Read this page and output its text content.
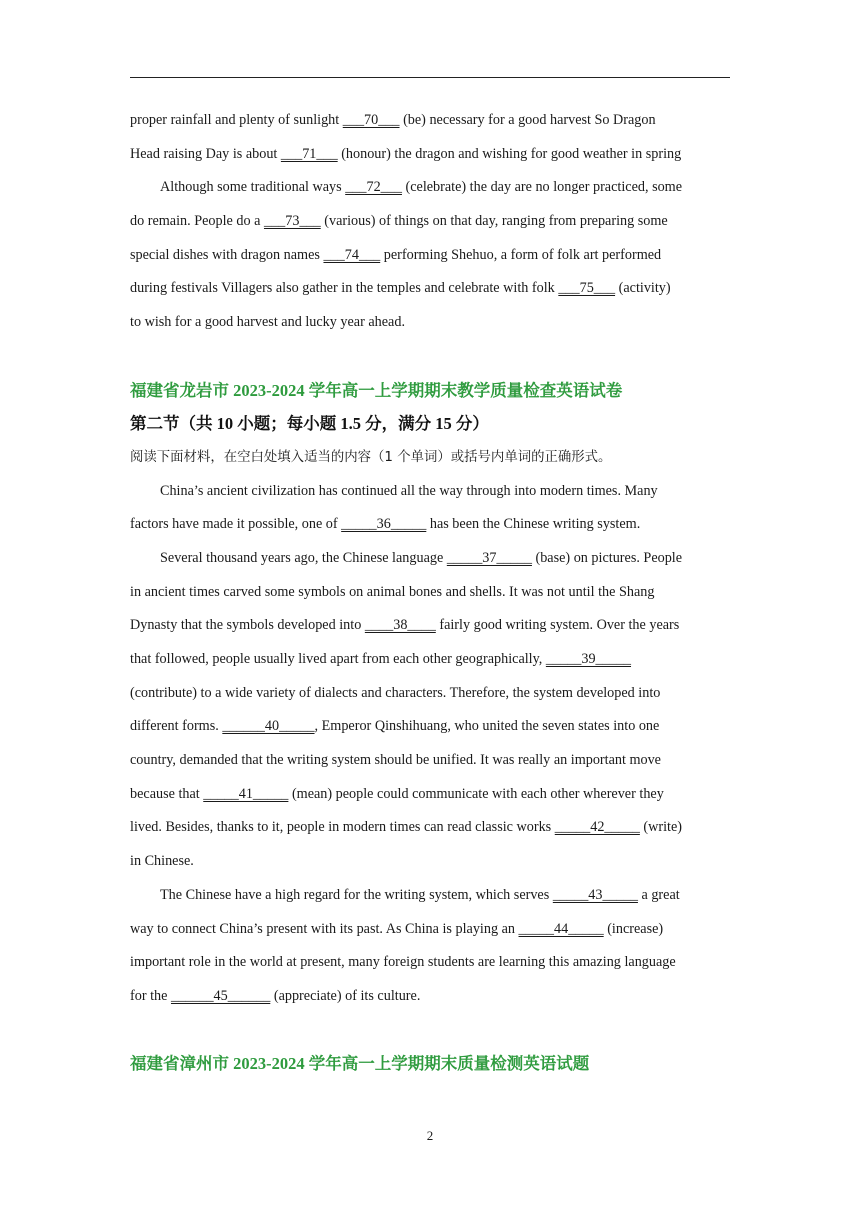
proper rainfall and plenty of sunlight ___70___ (be) necessary for a good harvest So Dragon
Head raising Day is about ___71___ (honour) the dragon and wishing for good weather in spring
Although some traditional ways ___72___ (celebrate) the day are no longer practiced, some
do remain. People do a ___73___ (various) of things on that day, ranging from preparing some
special dishes with dragon names ___74___ performing Shehuo, a form of folk art performed
during festivals Villagers also gather in the temples and celebrate with folk ___75___ (activity)
to wish for a good harvest and lucky year ahead.
福建省龙岩市 2023-2024 学年高一上学期期末教学质量检查英语试卷
第二节（共 10 小题；每小题 1.5 分，满分 15 分）
阅读下面材料，在空白处填入适当的内容（1 个单词）或括号内单词的正确形式。
China’s ancient civilization has continued all the way through into modern times. Many
factors have made it possible, one of _____36_____ has been the Chinese writing system.
Several thousand years ago, the Chinese language _____37_____ (base) on pictures. People
in ancient times carved some symbols on animal bones and shells. It was not until the Shang
Dynasty that the symbols developed into ____38____ fairly good writing system. Over the years
that followed, people usually lived apart from each other geographically, _____39_____
(contribute) to a wide variety of dialects and characters. Therefore, the system developed into
different forms. ______40_____, Emperor Qinshihuang, who united the seven states into one
country, demanded that the writing system should be unified. It was really an important move
because that _____41_____ (mean) people could communicate with each other wherever they
lived. Besides, thanks to it, people in modern times can read classic works _____42_____ (write)
in Chinese.
The Chinese have a high regard for the writing system, which serves _____43_____ a great
way to connect China’s present with its past. As China is playing an _____44_____ (increase)
important role in the world at present, many foreign students are learning this amazing language
for the ______45______ (appreciate) of its culture.
福建省漳州市 2023-2024 学年高一上学期期末质量检测英语试题
2
